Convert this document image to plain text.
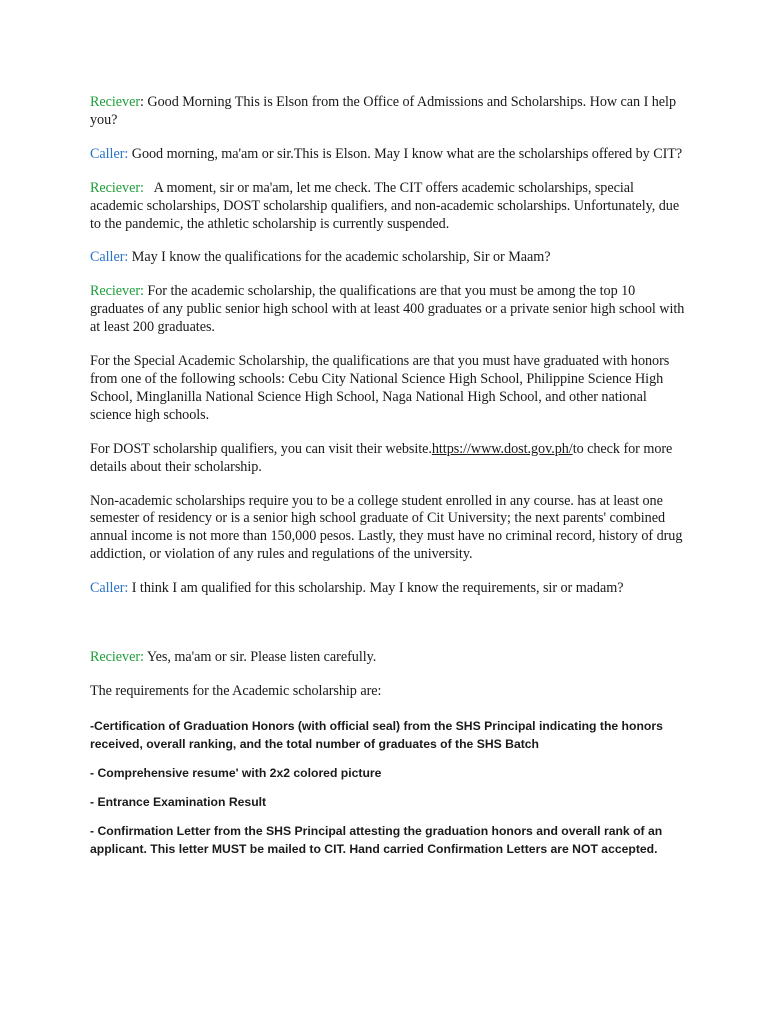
Reciever: Good Morning This is Elson from the Office of Admissions and Scholarships. How can I help you?

Caller: Good morning, ma'am or sir.This is Elson. May I know what are the scholarships offered by CIT?

Reciever: A moment, sir or ma'am, let me check. The CIT offers academic scholarships, special academic scholarships, DOST scholarship qualifiers, and non-academic scholarships. Unfortunately, due to the pandemic, the athletic scholarship is currently suspended.

Caller: May I know the qualifications for the academic scholarship, Sir or Maam?

Reciever: For the academic scholarship, the qualifications are that you must be among the top 10 graduates of any public senior high school with at least 400 graduates or a private senior high school with at least 200 graduates.

For the Special Academic Scholarship, the qualifications are that you must have graduated with honors from one of the following schools: Cebu City National Science High School, Philippine Science High School, Minglanilla National Science High School, Naga National High School, and other national science high schools.

For DOST scholarship qualifiers, you can visit their website.https://www.dost.gov.ph/to check for more details about their scholarship.

Non-academic scholarships require you to be a college student enrolled in any course. has at least one semester of residency or is a senior high school graduate of Cit University; the next parents' combined annual income is not more than 150,000 pesos. Lastly, they must have no criminal record, history of drug addiction, or violation of any rules and regulations of the university.

Caller: I think I am qualified for this scholarship. May I know the requirements, sir or madam?

Reciever: Yes, ma'am or sir. Please listen carefully.

The requirements for the Academic scholarship are:

-Certification of Graduation Honors (with official seal) from the SHS Principal indicating the honors received, overall ranking, and the total number of graduates of the SHS Batch

- Comprehensive resume' with 2x2 colored picture

- Entrance Examination Result

- Confirmation Letter from the SHS Principal attesting the graduation honors and overall rank of an applicant. This letter MUST be mailed to CIT. Hand carried Confirmation Letters are NOT accepted.
